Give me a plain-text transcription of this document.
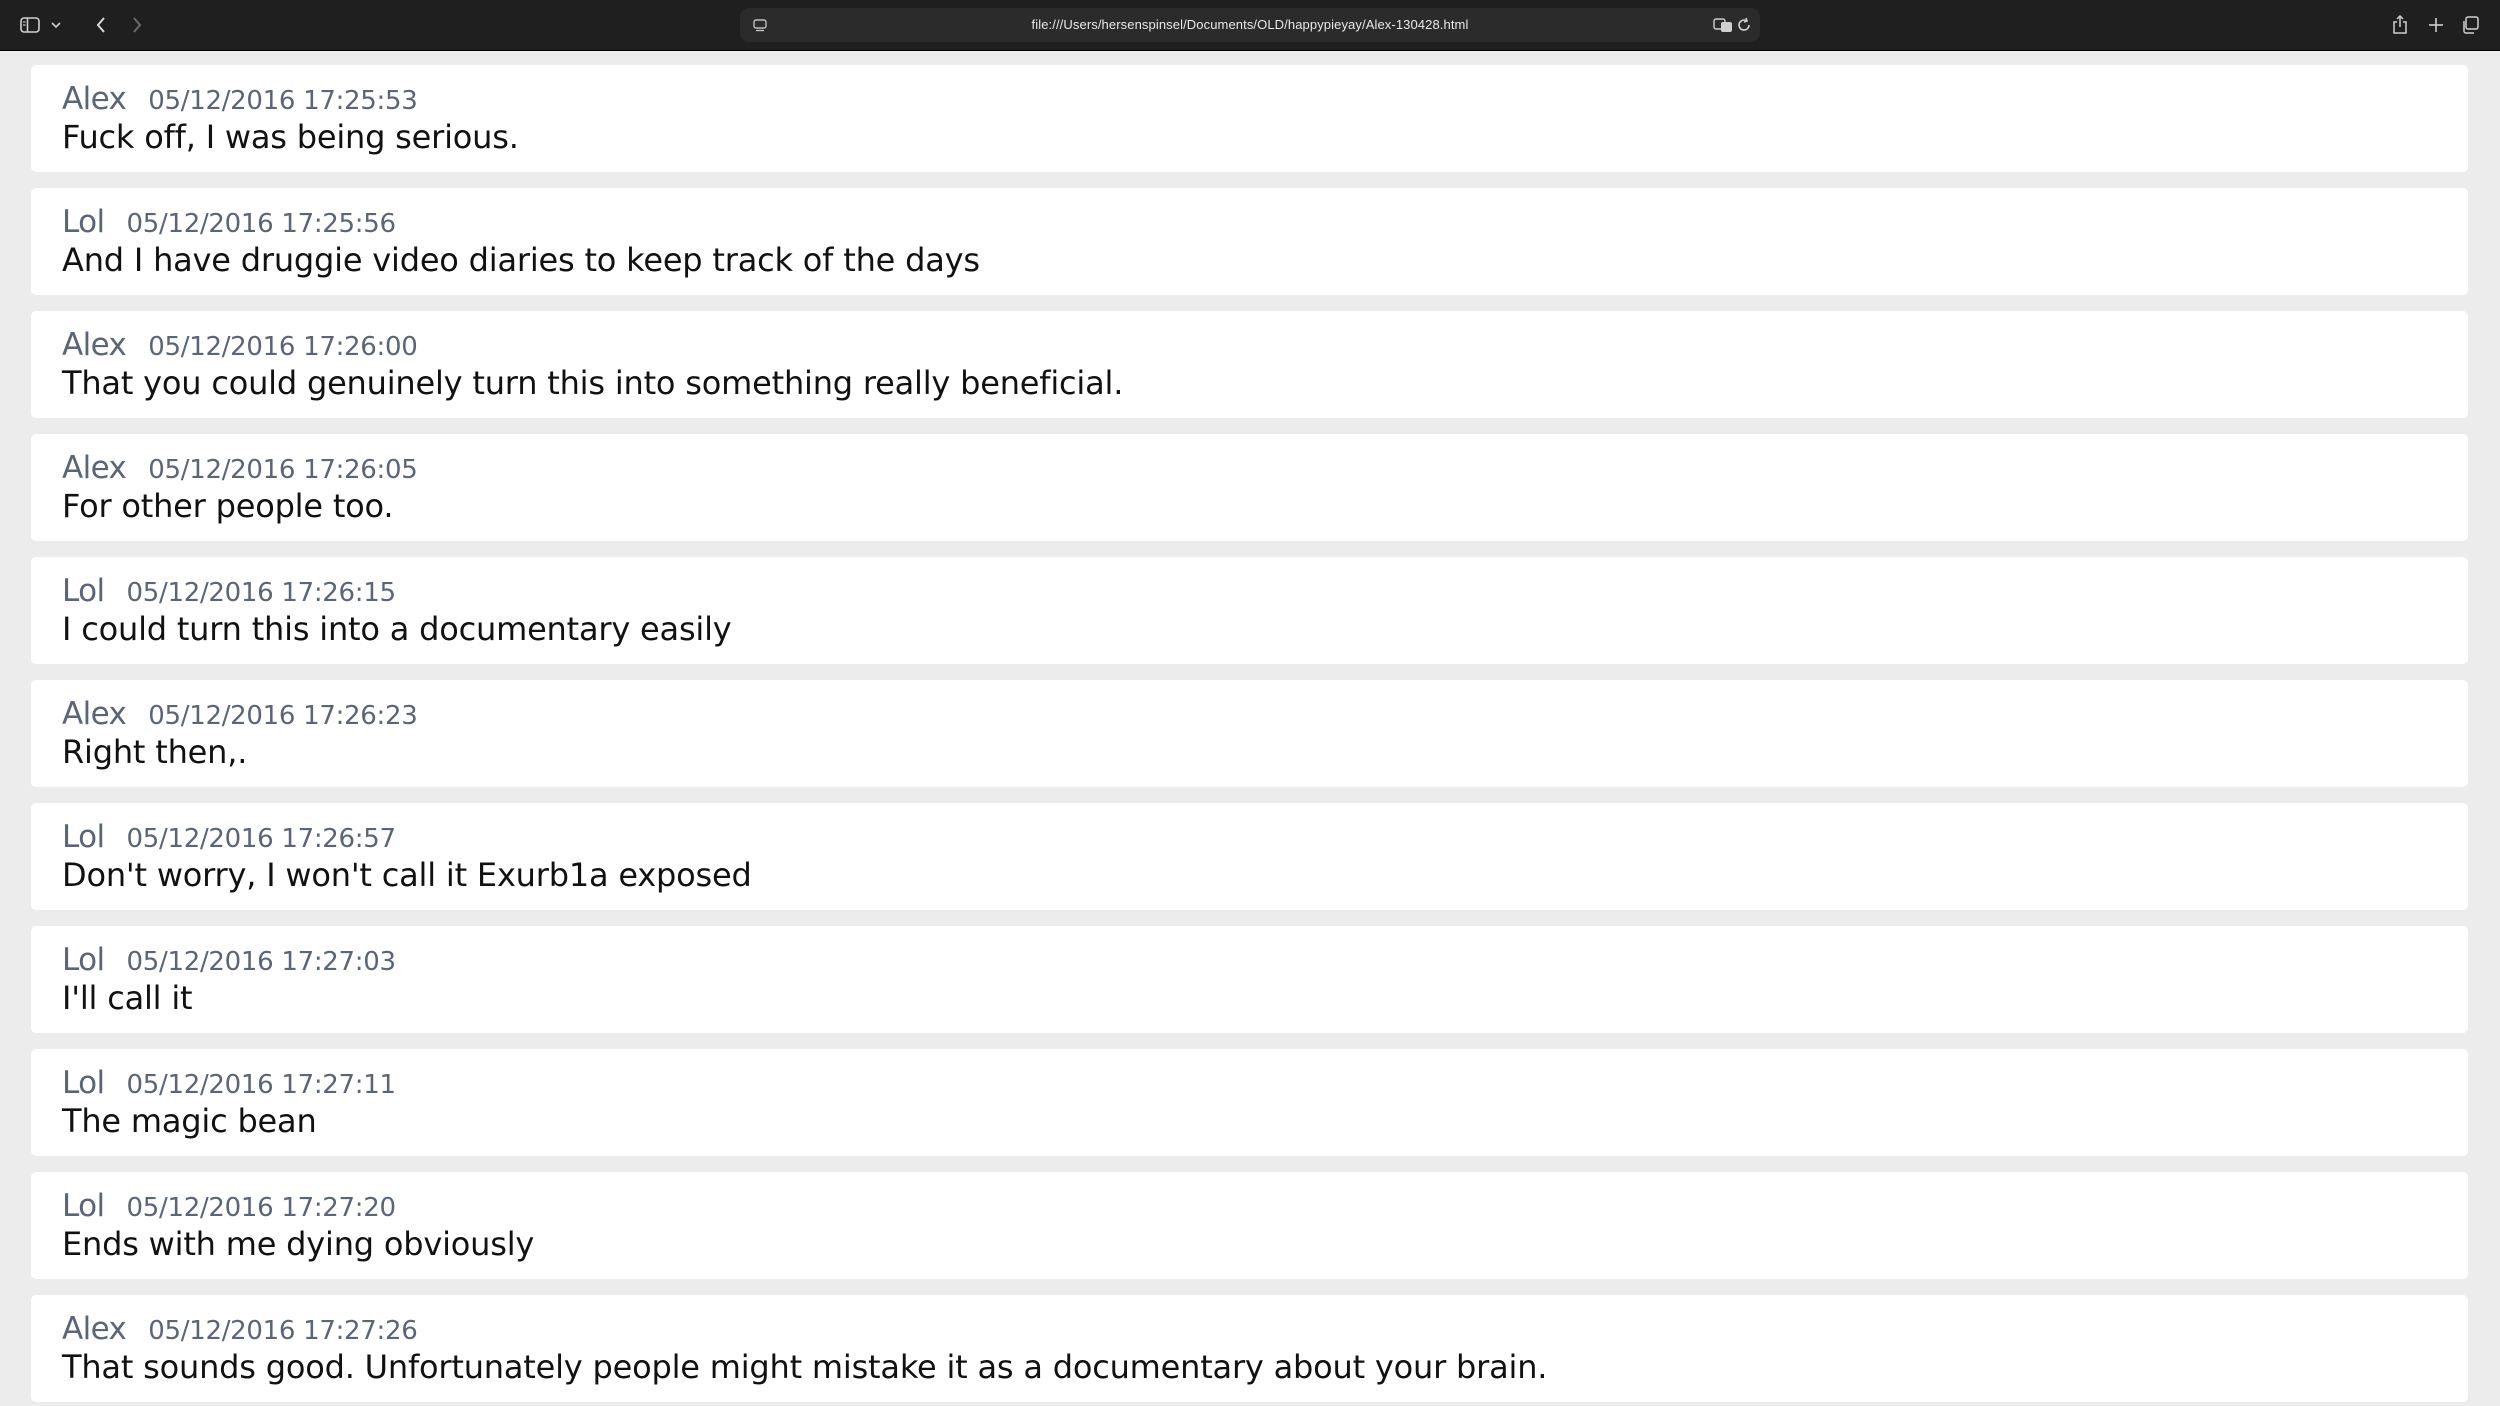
file:///Users/hersenspinsel/Documents/OLD/happypieyay/Alex-130428.html
Alex 05/12/2016 17:25:53
Fuck off, I was being serious.
Lol 05/12/2016 17:25:56
And I have druggie video diaries to keep track of the days
Alex 05/12/2016 17:26:00
That you could genuinely turn this into something really beneficial.
Alex 05/12/2016 17:26:05
For other people too.
Lol 05/12/2016 17:26:15
I could turn this into a documentary easily
Alex 05/12/2016 17:26:23
Right then,.
Lol 05/12/2016 17:26:57
Don't worry, I won't call it Exurb1a exposed
Lol 05/12/2016 17:27:03
I'll call it
Lol 05/12/2016 17:27:11
The magic bean
Lol 05/12/2016 17:27:20
Ends with me dying obviously
Alex 05/12/2016 17:27:26
That sounds good. Unfortunately people might mistake it as a documentary about your brain.
